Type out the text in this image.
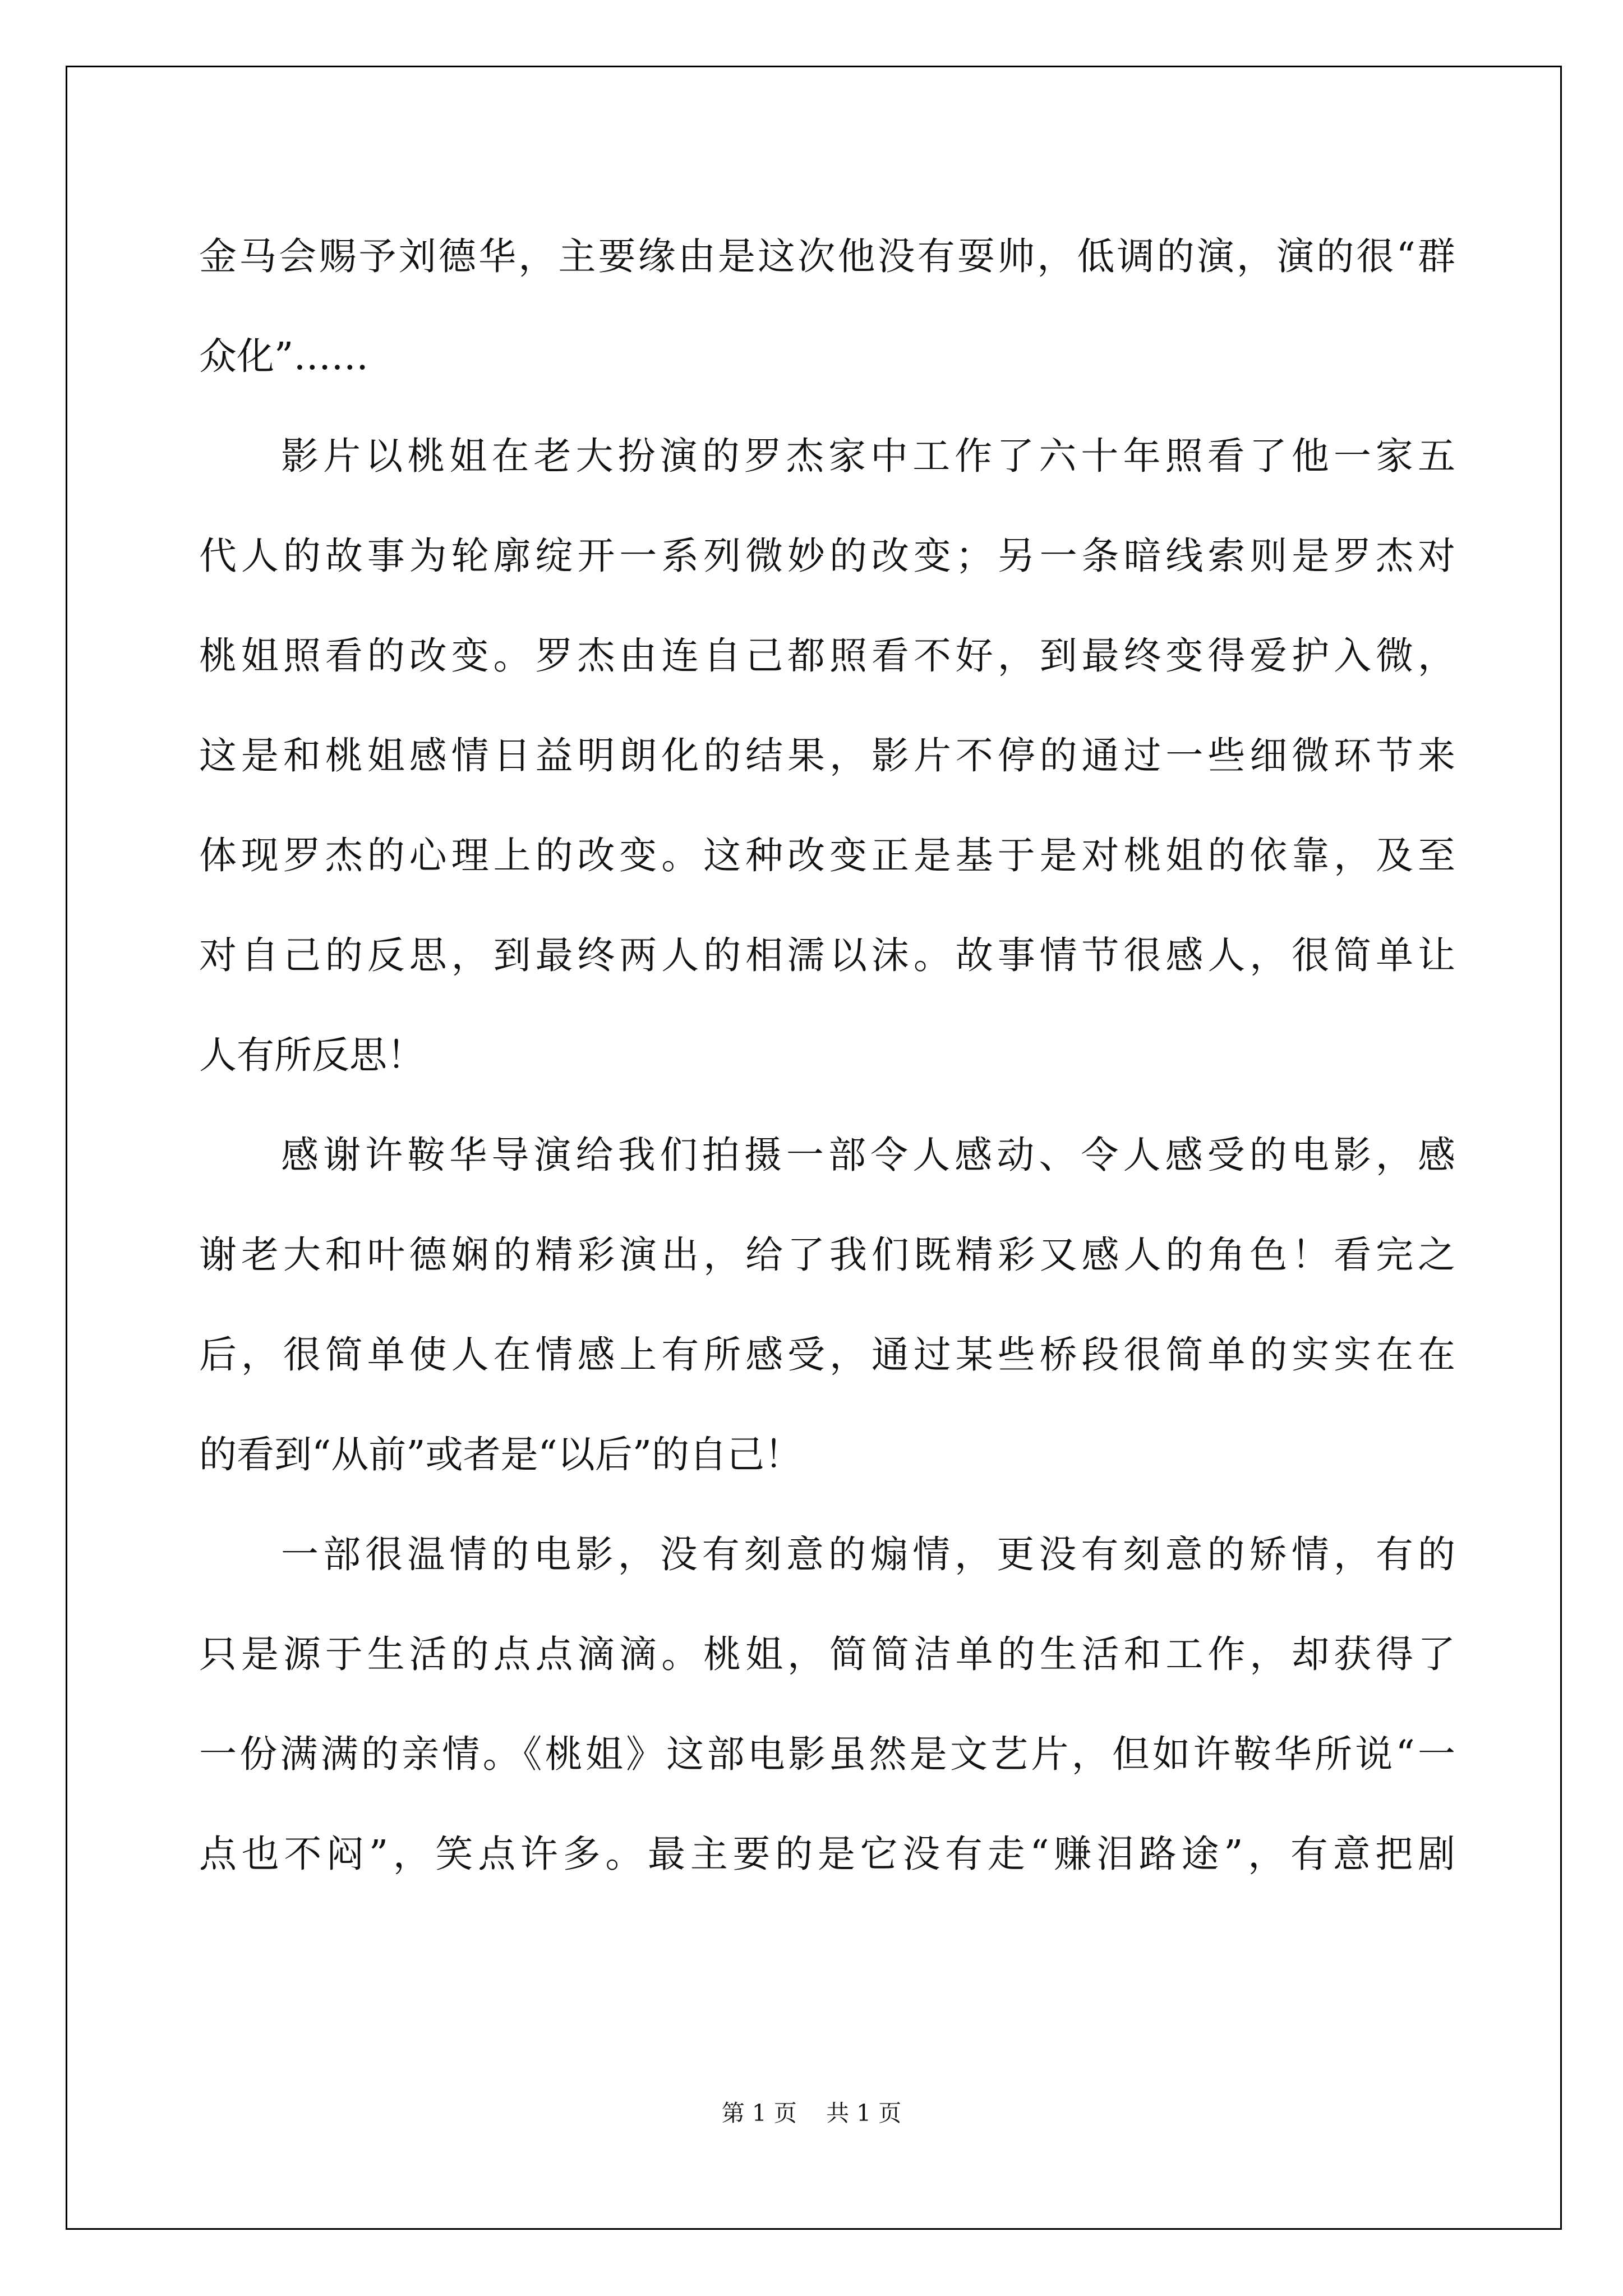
金马会赐予刘德华，主要缘由是这次他没有耍帅，低调的演，演的很“群
众化”……
影片以桃姐在老大扮演的罗杰家中工作了六十年照看了他一家五
代人的故事为轮廓绽开一系列微妙的改变；另一条暗线索则是罗杰对
桃姐照看的改变。罗杰由连自己都照看不好，到最终变得爱护入微，
这是和桃姐感情日益明朗化的结果，影片不停的通过一些细微环节来
体现罗杰的心理上的改变。这种改变正是基于是对桃姐的依靠，及至
对自己的反思，到最终两人的相濡以沫。故事情节很感人，很简单让
人有所反思！
感谢许鞍华导演给我们拍摄一部令人感动、令人感受的电影，感
谢老大和叶德娴的精彩演出，给了我们既精彩又感人的角色！看完之
后，很简单使人在情感上有所感受，通过某些桥段很简单的实实在在
的看到“从前”或者是“以后”的自己！
一部很温情的电影，没有刻意的煽情，更没有刻意的矫情，有的
只是源于生活的点点滴滴。桃姐，简简洁单的生活和工作，却获得了
一份满满的亲情。《桃姐》这部电影虽然是文艺片，但如许鞍华所说“一
点也不闷”，笑点许多。最主要的是它没有走“赚泪路途”，有意把剧
第 1 页 共 1 页
